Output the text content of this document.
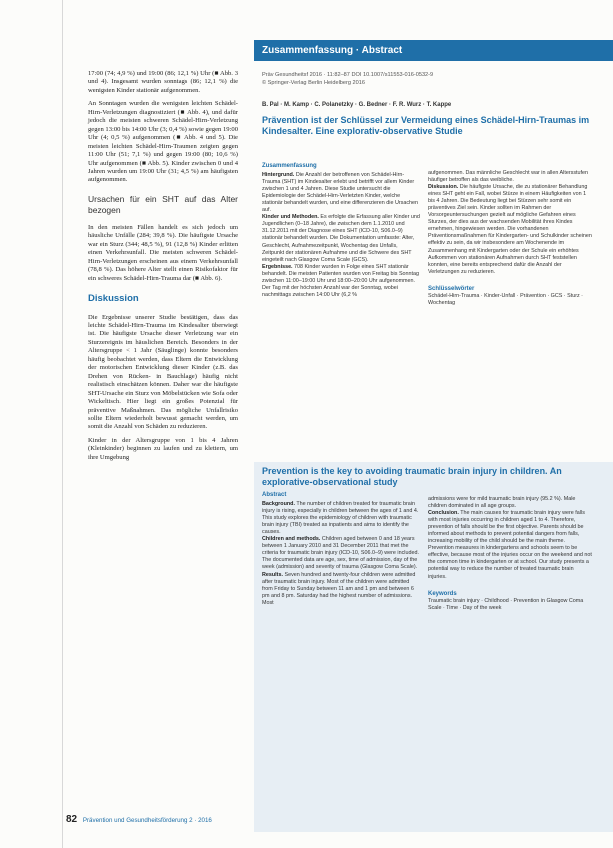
Zusammenfassung · Abstract

17:00 (74; 4,9 %) und 19:00 (86; 12,1 %) Uhr (■ Abb. 3 und 4). Insgesamt wurden sonntags (86; 12,1 %) die wenigsten Kinder stationär aufgenommen.

An Sonntagen wurden die wenigsten leichten Schädel-Hirn-Verletzungen diagnostiziert (■ Abb. 4), und dafür jedoch die meisten schweren Schädel-Hirn-Verletzung gegen 13:00 bis 14:00 Uhr (3; 0,4 %) sowie gegen 19:00 Uhr (4; 0,5 %) aufgenommen (■ Abb. 4 und 5). Die meisten leichten Schädel-Hirn-Traumen zeigten gegen 11:00 Uhr (51; 7,1 %) und gegen 19:00 (80; 10,6 %) Uhr aufgenommen (■ Abb. 5). Kinder zwischen 0 und 4 Jahren wurden um 19:00 Uhr (31; 4,5 %) am häufigsten aufgenommen.

Ursachen für ein SHT auf das Alter bezogen

In den meisten Fällen handelt es sich jedoch um häusliche Unfälle (284; 39,8 %). Die häufigste Ursache war ein Sturz (344; 48,5 %), 91 (12,8 %) Kinder erlitten einen Verkehrsunfall. Die meisten schweren Schädel-Hirn-Verletzungen erscheinen aus einem Verkehrsunfall (78,8 %). Das höhere Alter stellt einen Risikofaktor für ein schweres Schädel-Hirn-Trauma dar (■ Abb. 6).

Diskussion

Die Ergebnisse unserer Studie bestätigen, dass das leichte Schädel-Hirn-Trauma im Kindesalter überwiegt ist. Die häufigste Ursache dieser Verletzung war ein Sturzereignis im häuslichen Bereich. Besonders in der Altersgruppe < 1 Jahr (Säuglinge) konnte besonders häufig beobachtet werden, dass Eltern die Entwicklung der motorischen Entwicklung dieser Kinder (z.B. das Drehen von Rücken- in Bauchlage) häufig nicht realistisch einschätzen können. Daher war die häufigste SHT-Ursache ein Sturz von Möbelstücken wie Sofa oder Wickeltisch. Hier liegt ein großes Potenzial für präventive Maßnahmen. Das mögliche Unfallrisiko sollte Eltern wiederholt bewusst gemacht werden, um somit die Anzahl von Schäden zu reduzieren.

Kinder in der Altersgruppe von 1 bis 4 Jahren (Kleinkinder) beginnen zu laufen und zu klettern, um ihre Umgebung

Präv Gesundheitsf 2016 · 11:82–87 DOI 10.1007/s11553-016-0532-9
© Springer-Verlag Berlin Heidelberg 2016
B. Pal · M. Kamp · C. Polanetzky · G. Bedner · F. R. Wurz · T. Kappe
Prävention ist der Schlüssel zur Vermeidung eines Schädel-Hirn-Traumas im Kindesalter. Eine explorativ-observative Studie
Zusammenfassung

Hintergrund. Die Anzahl der betroffenen von Schädel-Hirn-Trauma (SHT) im Kindesalter erlebt und betrifft vor allem Kinder zwischen 1 und 4 Jahren. Diese Studie untersucht die Epidemiologie der Schädel-Hirn-Verletzten Kinder, welche stationär behandelt wurden, und eine differenzieren die Ursachen auf.

Kinder und Methoden. Es erfolgte die Erfassung aller Kinder und Jugendlichen (0–18 Jahre), die zwischen dem 1.1.2010 und 31.12.2011 mit der Diagnose eines SHT (ICD-10, S06.0–9) stationär behandelt wurden. Die Dokumentation umfasste: Alter, Geschlecht, Aufnahmezeitpunkt, Wochentag des Unfalls, Zeitpunkt der stationären Aufnahme und die Schwere des SHT eingeteilt nach Glasgow Coma Scale (GCS).

Ergebnisse. 708 Kinder wurden in Folge eines SHT stationär behandelt. Die meisten Patienten wurden von Freitag bis Sonntag zwischen 11:00–19:00 Uhr und 18:00–20:00 Uhr aufgenommen. Der Tag mit der höchsten Anzahl war der Sonntag, wobei nachmittags zwischen 14:00 Uhr (6,2 %

aufgenommen. Das männliche Geschlecht war in allen Altersstufen häufiger betroffen als das weibliche.

Diskussion. Die häufigste Ursache, die zu stationärer Behandlung eines SHT geht ein Fall, wobei Stürze in einem Häufigkeiten von 1 bis 4 Jahren. Die Bedeutung liegt bei Stürzen sehr somit ein präventives Ziel sein. Kinder sollten im Rahmen der Vorsorgeuntersuchungen gezielt auf mögliche Gefahren eines Sturzes, der dies aus der wachsenden Mobilität ihres Kindes ernehmen, hingewiesen werden. Die vorhandenen Präventionsmaßnahmen für Kindergarten- und Schulkinder scheinen effektiv zu sein, da wir insbesondere am Wochenende im Zusammenhang mit Kindergarten oder der Schule ein erhöhtes Aufkommen von stationären Aufnahmen durch SHT feststellen konnten, eine bereits entsprechend dafür die Anzahl der Verletzungen zu reduzieren.

Schlüsselwörter

Schädel-Hirn-Trauma · Kinder-Unfall · Prävention · GCS · Sturz · Wochentag

Prevention is the key to avoiding traumatic brain injury in children. An explorative-observational study
Abstract

Background. The number of children treated for traumatic brain injury is rising, especially in children between the ages of 1 and 4. This study explores the epidemiology of children with traumatic brain injury (TBI) treated as inpatients and aims to identify the causes.

Children and methods. Children aged between 0 and 18 years between 1 January 2010 and 31 December 2011 that met the criteria for traumatic brain injury (ICD-10, S06.0–9) were included. The documented data are age, sex, time of admission, day of the week (admission) and severity of trauma (Glasgow Coma Scale).

Results. Seven hundred and twenty-four children were admitted after traumatic brain injury. Most of the children were admitted from Friday to Sunday between 11 am and 1 pm and between 6 pm and 8 pm. Saturday had the highest number of admissions. Most

admissions were for mild traumatic brain injury (95.2 %). Male children dominated in all age groups.

Conclusion. The main causes for traumatic brain injury were falls with most injuries occurring in children aged 1 to 4. Therefore, prevention of falls should be the first objective. Parents should be informed about methods to prevent potential dangers from falls, increasing mobility of the child should be the main theme. Prevention measures in kindergartens and schools seem to be effective, because most of the injuries occur on the weekend and not the common time in kindergarten or at school. Our study presents a potential way to reduce the number of treated traumatic brain injuries.

Keywords

Traumatic brain injury · Childhood · Prevention in Glasgow Coma Scale · Time · Day of the week

82 Prävention und Gesundheitsförderung 2 · 2016
